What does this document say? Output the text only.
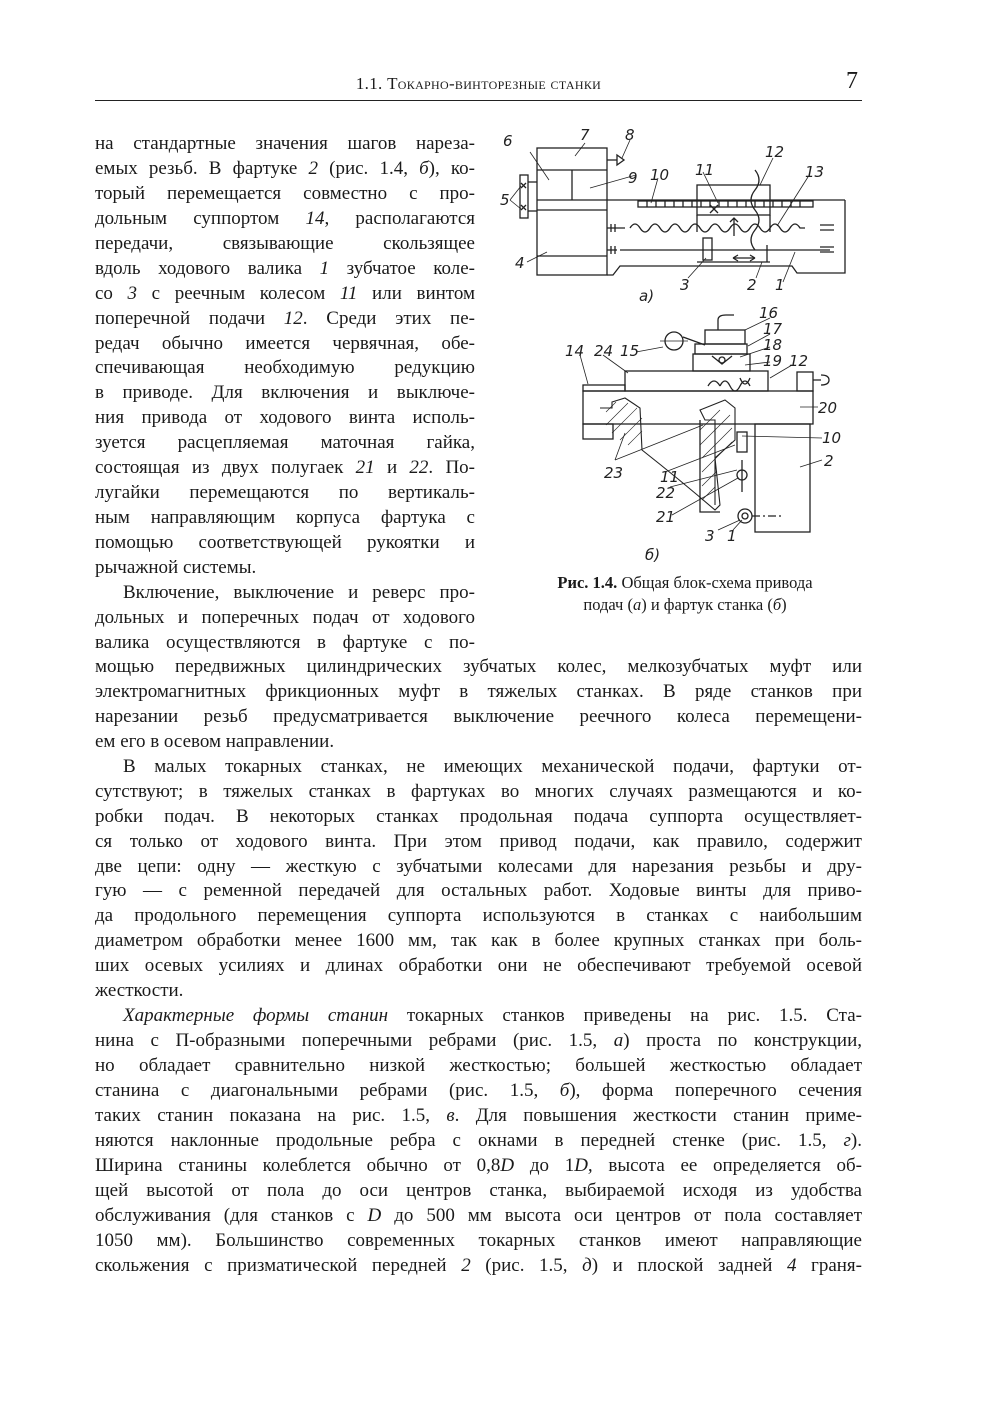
1.1. Токарно-винторезные станки	7
на стандартные значения шагов нареза-
емых резьб. В фартуке 2 (рис. 1.4, б), ко-
торый перемещается совместно с про-
дольным суппортом 14, располагаются
передачи, связывающие скользящее
вдоль ходового валика 1 зубчатое коле-
со 3 с реечным колесом 11 или винтом
поперечной подачи 12. Среди этих пе-
редач обычно имеется червячная, обе-
спечивающая необходимую редукцию
в приводе. Для включения и выключе-
ния привода от ходового винта исполь-
зуется расцепляемая маточная гайка,
состоящая из двух полугаек 21 и 22. По-
лугайки перемещаются по вертикаль-
ным направляющим корпуса фартука с
помощью соответствующей рукоятки и
рычажной системы.
Включение, выключение и реверс про-
дольных и поперечных подач от ходового
валика осуществляются в фартуке с по-
мощью передвижных цилиндрических зубчатых колес, мелкозубчатых муфт или
электромагнитных фрикционных муфт в тяжелых станках. В ряде станков при
нарезании резьб предусматривается выключение реечного колеса перемещени-
ем его в осевом направлении.
В малых токарных станках, не имеющих механической подачи, фартуки от-
сутствуют; в тяжелых станках в фартуках во многих случаях размещаются и ко-
робки подач. В некоторых станках продольная подача суппорта осуществляет-
ся только от ходового винта. При этом привод подачи, как правило, содержит
две цепи: одну — жесткую с зубчатыми колесами для нарезания резьбы и дру-
гую — с ременной передачей для остальных работ. Ходовые винты для приво-
да продольного перемещения суппорта используются в станках с наибольшим
диаметром обработки менее 1600 мм, так как в более крупных станках при боль-
ших осевых усилиях и длинах обработки они не обеспечивают требуемой осевой
жесткости.
Характерные формы станин токарных станков приведены на рис. 1.5. Ста-
нина с П-образными поперечными ребрами (рис. 1.5, а) проста по конструкции,
но обладает сравнительно низкой жесткостью; большей жесткостью обладает
станина с диагональными ребрами (рис. 1.5, б), форма поперечного сечения
таких станин показана на рис. 1.5, в. Для повышения жесткости станин приме-
няются наклонные продольные ребра с окнами в передней стенке (рис. 1.5, г).
Ширина станины колеблется обычно от 0,8D до 1D, высота ее определяется об-
щей высотой от пола до оси центров станка, выбираемой исходя из удобства
обслуживания (для станков с D до 500 мм высота оси центров от пола составляет
1050 мм). Большинство современных токарных станков имеют направляющие
скольжения с призматической передней 2 (рис. 1.5, д) и плоской задней 4 граня-
6	7 8
5
9 10 11
12
13
4
3	2 1
а)
16
17
18
19 12
14 24 15
20
10
2
23 11
22
21
3 1
б)
Рис. 1.4. Общая блок-схема привода
подач (а) и фартук станка (б)
